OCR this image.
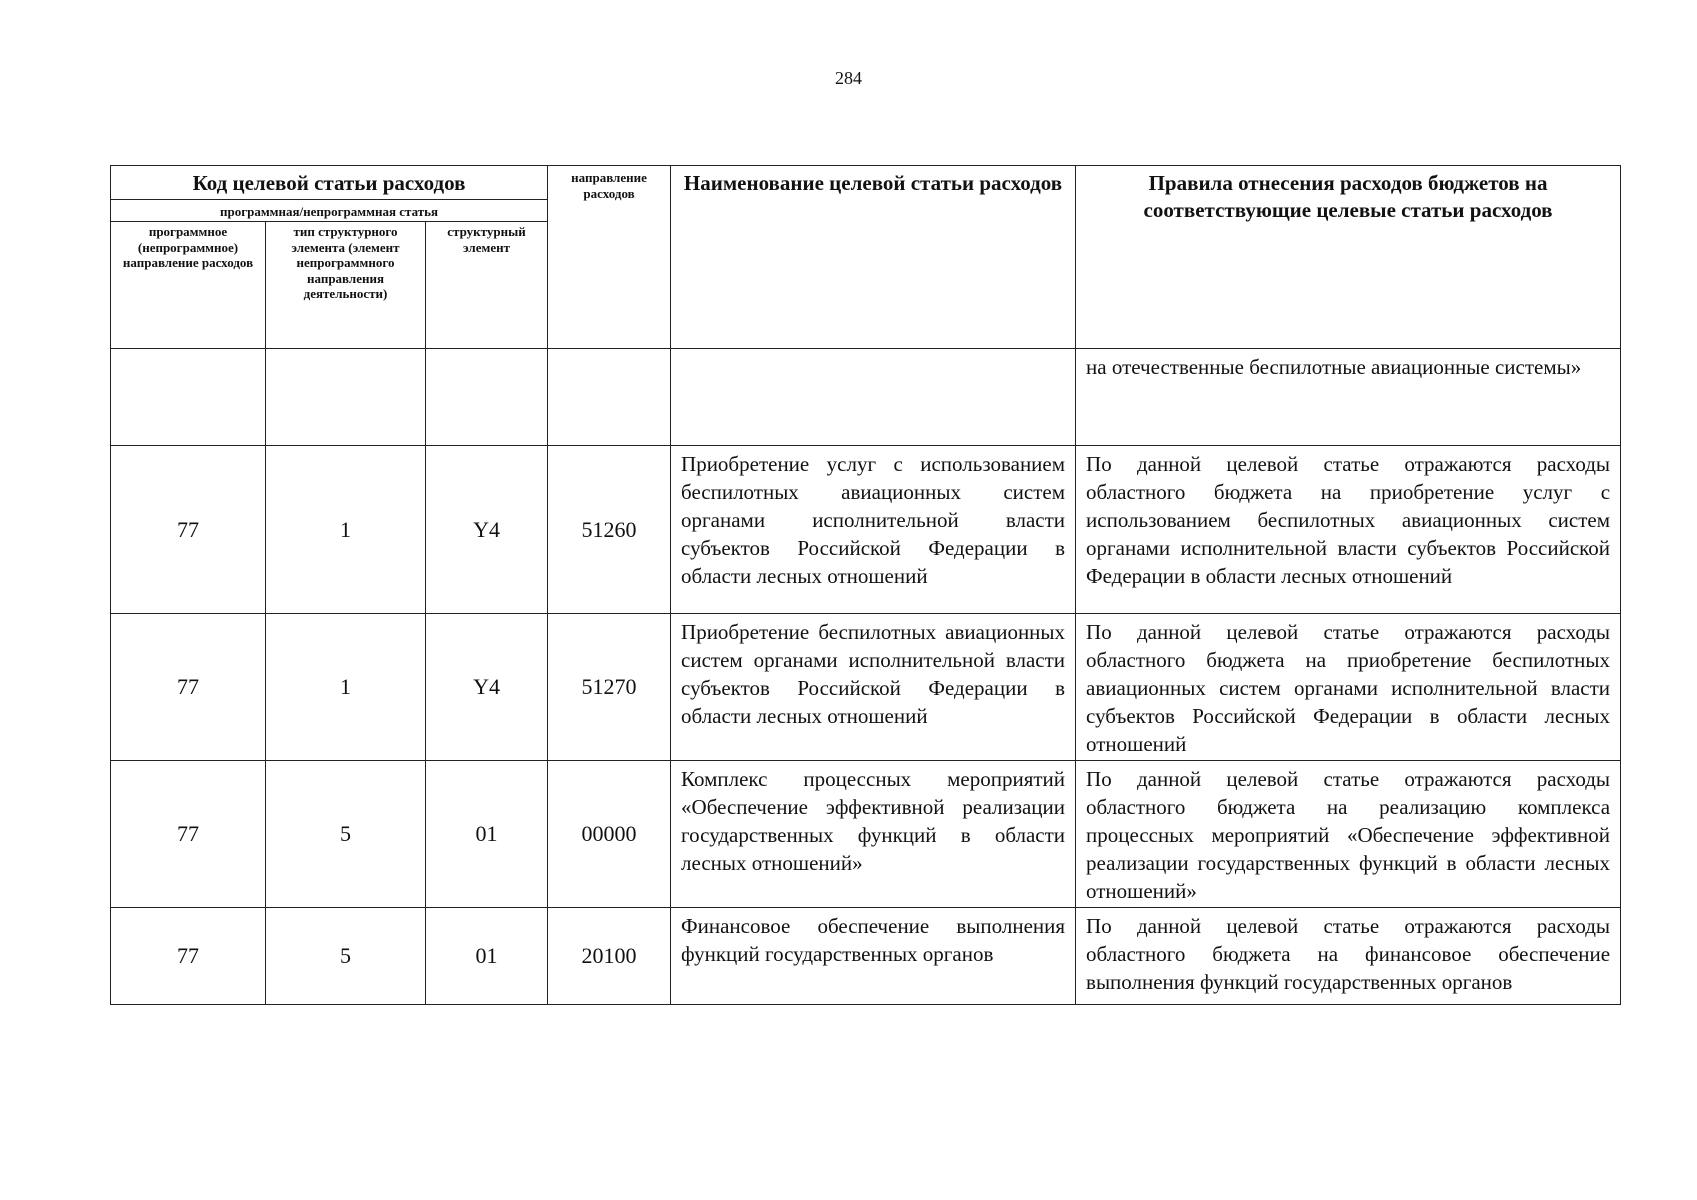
284
Код целевой статьи расходов			направление расходов	Наименование целевой статьи расходов	Правила отнесения расходов бюджетов на соответствующие целевые статьи расходов
программная/непрограммная статья					
программное (непрограммное) направление расходов	тип структурного элемента (элемент непрограммного направления деятельности)	структурный элемент			
					на отечественные беспилотные авиационные системы»
77	1	Y4	51260	Приобретение услуг с использованием беспилотных авиационных систем органами исполнительной власти субъектов Российской Федерации в области лесных отношений	По данной целевой статье отражаются расходы областного бюджета на приобретение услуг с использованием беспилотных авиационных систем органами исполнительной власти субъектов Российской Федерации в области лесных отношений
77	1	Y4	51270	Приобретение беспилотных авиационных систем органами исполнительной власти субъектов Российской Федерации в области лесных отношений	По данной целевой статье отражаются расходы областного бюджета на приобретение беспилотных авиационных систем органами исполнительной власти субъектов Российской Федерации в области лесных отношений
77	5	01	00000	Комплекс процессных мероприятий «Обеспечение эффективной реализации государственных функций в области лесных отношений»	По данной целевой статье отражаются расходы областного бюджета на реализацию комплекса процессных мероприятий «Обеспечение эффективной реализации государственных функций в области лесных отношений»
77	5	01	20100	Финансовое обеспечение выполнения функций государственных органов	По данной целевой статье отражаются расходы областного бюджета на финансовое обеспечение выполнения функций государственных органов
